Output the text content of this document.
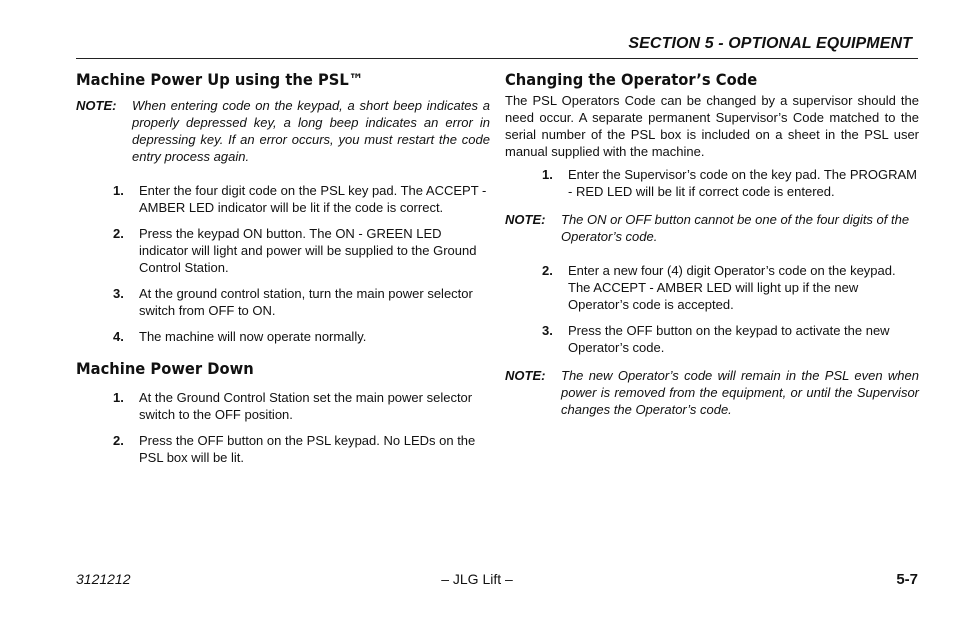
SECTION 5 - OPTIONAL EQUIPMENT
Machine Power Up using the PSL™
NOTE:	When entering code on the keypad, a short beep indicates a properly depressed key, a long beep indicates an error in depressing key. If an error occurs, you must restart the code entry process again.
1.	Enter the four digit code on the PSL key pad. The ACCEPT - AMBER LED indicator will be lit if the code is correct.
2.	Press the keypad ON button. The ON - GREEN LED indicator will light and power will be supplied to the Ground Control Station.
3.	At the ground control station, turn the main power selector switch from OFF to ON.
4.	The machine will now operate normally.
Machine Power Down
1.	At the Ground Control Station set the main power selector switch to the OFF position.
2.	Press the OFF button on the PSL keypad. No LEDs on the PSL box will be lit.
Changing the Operator’s Code

The PSL Operators Code can be changed by a supervisor should the need occur. A separate permanent Supervisor’s Code matched to the serial number of the PSL box is included on a sheet in the PSL user manual supplied with the machine.

1.	Enter the Supervisor’s code on the key pad. The PROGRAM - RED LED will be lit if correct code is entered.
NOTE:	The ON or OFF button cannot be one of the four digits of the Operator’s code.
2.	Enter a new four (4) digit Operator’s code on the keypad. The ACCEPT - AMBER LED will light up if the new Operator’s code is accepted.
3.	Press the OFF button on the keypad to activate the new Operator’s code.
NOTE:	The new Operator’s code will remain in the PSL even when power is removed from the equipment, or until the Supervisor changes the Operator’s code.
3121212	– JLG Lift –	5-7
